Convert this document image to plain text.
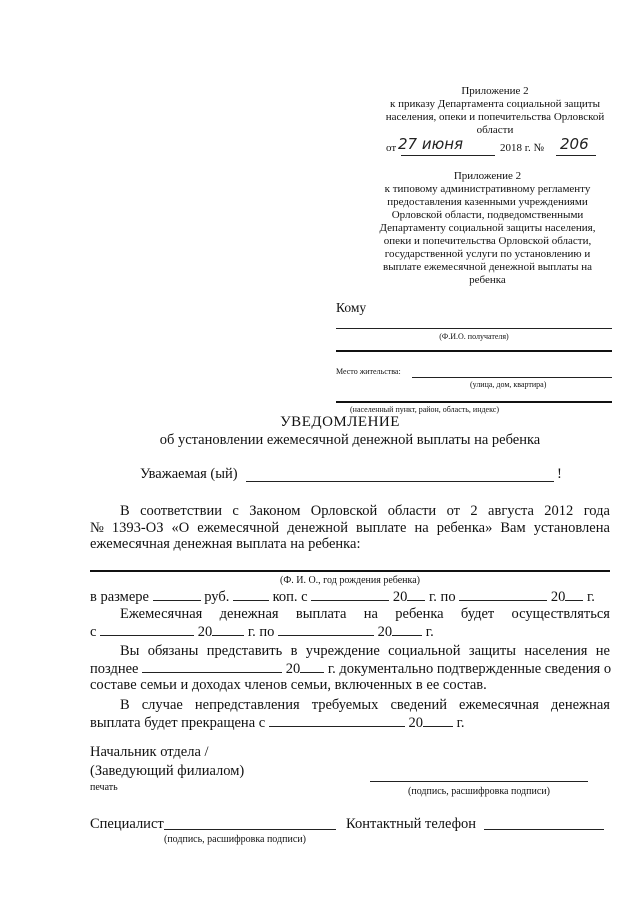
Приложение 2
к приказу Департамента социальной защиты
населения, опеки и попечительства Орловской
области
от 27 июня	2018 г. № 206
Приложение 2
к типовому административному регламенту
предоставления казенными учреждениями
Орловской области, подведомственными
Департаменту социальной защиты населения,
опеки и попечительства Орловской области,
государственной услуги по установлению и
выплате ежемесячной денежной выплаты на
ребенка
Кому
(Ф.И.О. получателя)
Место жительства:
(улица, дом, квартира)
(населенный пункт, район, область, индекс)
УВЕДОМЛЕНИЕ
об установлении ежемесячной денежной выплаты на ребенка
Уважаемая (ый)	!
В соответствии с Законом Орловской области от 2 августа 2012 года
№ 1393-ОЗ «О ежемесячной денежной выплате на ребенка» Вам установлена
ежемесячная денежная выплата на ребенка:
(Ф. И. О., год рождения ребенка)
в размере	руб.	коп. с	20 г. по	20 г.
Ежемесячная денежная выплата на ребенка будет осуществляться
с	20 г. по	20 г.
Вы обязаны представить в учреждение социальной защиты населения не
позднее	20 г. документально подтвержденные сведения о
составе семьи и доходах членов семьи, включенных в ее состав.
В случае непредставления требуемых сведений ежемесячная денежная
выплата будет прекращена с	20 г.
Начальник отдела /
(Заведующий филиалом)
печать	(подпись, расшифровка подписи)
Специалист	Контактный телефон
(подпись, расшифровка подписи)
